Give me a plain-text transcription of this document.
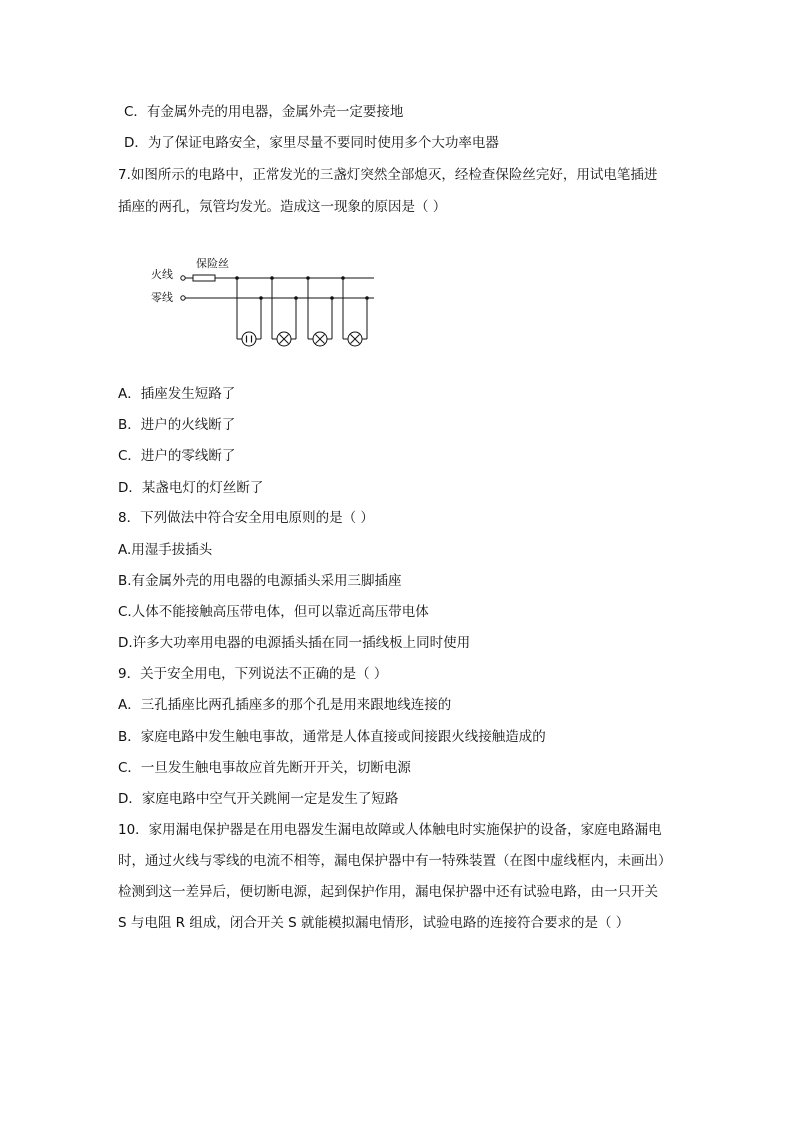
C．有金属外壳的用电器，金属外壳一定要接地
D．为了保证电路安全，家里尽量不要同时使用多个大功率电器
7.如图所示的电路中，正常发光的三盏灯突然全部熄灭，经检查保险丝完好，用试电笔插进
插座的两孔，氖管均发光。造成这一现象的原因是（ ）
火线
零线
保险丝
A．插座发生短路了
B．进户的火线断了
C．进户的零线断了
D．某盏电灯的灯丝断了
8．下列做法中符合安全用电原则的是（ ）
A.用湿手拔插头
B.有金属外壳的用电器的电源插头采用三脚插座
C.人体不能接触高压带电体，但可以靠近高压带电体
D.许多大功率用电器的电源插头插在同一插线板上同时使用
9．关于安全用电，下列说法不正确的是（ ）
A．三孔插座比两孔插座多的那个孔是用来跟地线连接的
B．家庭电路中发生触电事故，通常是人体直接或间接跟火线接触造成的
C．一旦发生触电事故应首先断开开关，切断电源
D．家庭电路中空气开关跳闸一定是发生了短路
10．家用漏电保护器是在用电器发生漏电故障或人体触电时实施保护的设备，家庭电路漏电
时，通过火线与零线的电流不相等，漏电保护器中有一特殊装置（在图中虚线框内，未画出）
检测到这一差异后，便切断电源，起到保护作用，漏电保护器中还有试验电路，由一只开关
S 与电阻 R 组成，闭合开关 S 就能模拟漏电情形，试验电路的连接符合要求的是（ ）
